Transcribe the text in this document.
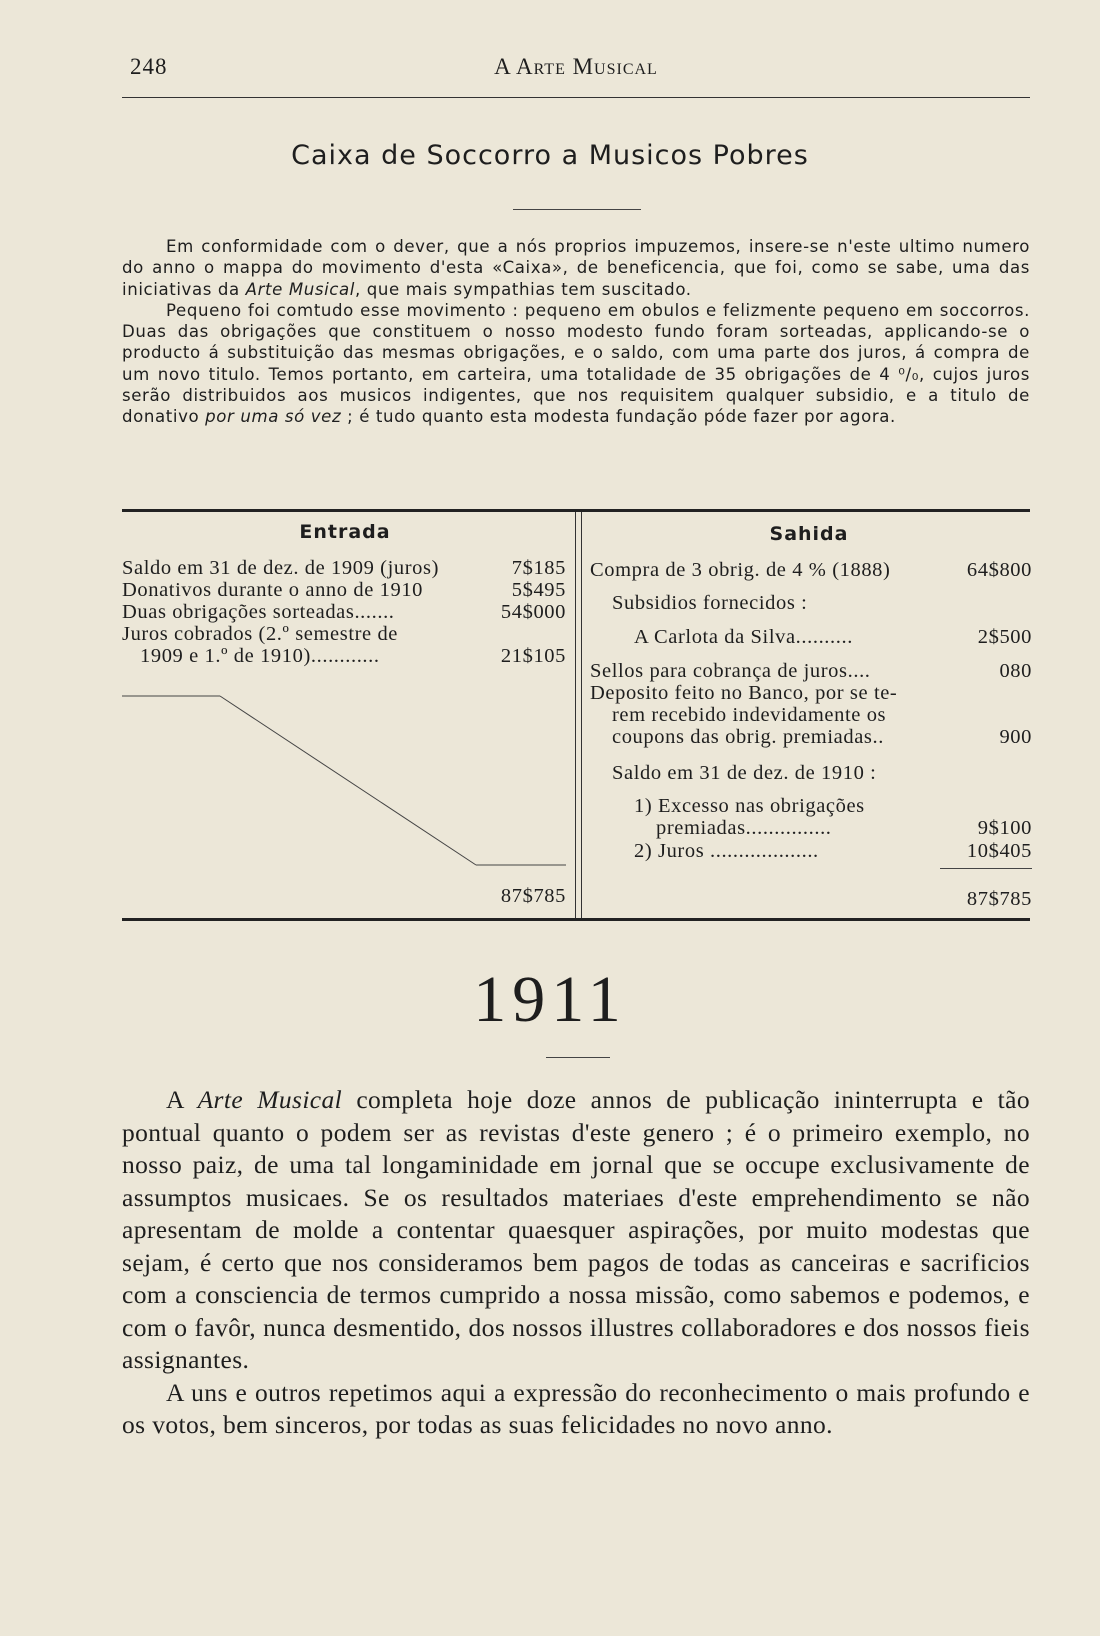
248	A Arte Musical
Caixa de Soccorro a Musicos Pobres

Em conformidade com o dever, que a nós proprios impuzemos, insere-se n'este ultimo numero do anno o mappa do movimento d'esta «Caixa», de beneficencia, que foi, como se sabe, uma das iniciativas da Arte Musical, que mais sympathias tem suscitado.

Pequeno foi comtudo esse movimento : pequeno em obulos e felizmente pequeno em soccorros. Duas das obrigações que constituem o nosso modesto fundo foram sorteadas, applicando-se o producto á substituição das mesmas obrigações, e o saldo, com uma parte dos juros, á compra de um novo titulo. Temos portanto, em carteira, uma totalidade de 35 obrigações de 4 ⁰/₀, cujos juros serão distribuidos aos musicos indigentes, que nos requisitem qualquer subsidio, e a titulo de donativo por uma só vez ; é tudo quanto esta modesta fundação póde fazer por agora.

Entrada	Sahida
Saldo em 31 de dez. de 1909 (juros)	7$185
Donativos durante o anno de 1910	5$495
Duas obrigações sorteadas.......	54$000
Juros cobrados (2.º semestre de
1909 e 1.º de 1910)............	21$105
87$785
Compra de 3 obrig. de 4 % (1888)	64$800
Subsidios fornecidos :
A Carlota da Silva..........	2$500
Sellos para cobrança de juros....	080
Deposito feito no Banco, por se te-
rem recebido indevidamente os
coupons das obrig. premiadas..	900
Saldo em 31 de dez. de 1910 :
1) Excesso nas obrigações
premiadas...............	9$100
2) Juros ...................	10$405
87$785
1911

A Arte Musical completa hoje doze annos de publicação ininterrupta e tão pontual quanto o podem ser as revistas d'este genero ; é o primeiro exemplo, no nosso paiz, de uma tal longaminidade em jornal que se occupe exclusivamente de assumptos musicaes. Se os resultados materiaes d'este emprehendimento se não apresentam de molde a contentar quaesquer aspirações, por muito modestas que sejam, é certo que nos consideramos bem pagos de todas as canceiras e sacrificios com a consciencia de termos cumprido a nossa missão, como sabemos e podemos, e com o favôr, nunca desmentido, dos nossos illustres collaboradores e dos nossos fieis assignantes.

A uns e outros repetimos aqui a expressão do reconhecimento o mais profundo e os votos, bem sinceros, por todas as suas felicidades no novo anno.
